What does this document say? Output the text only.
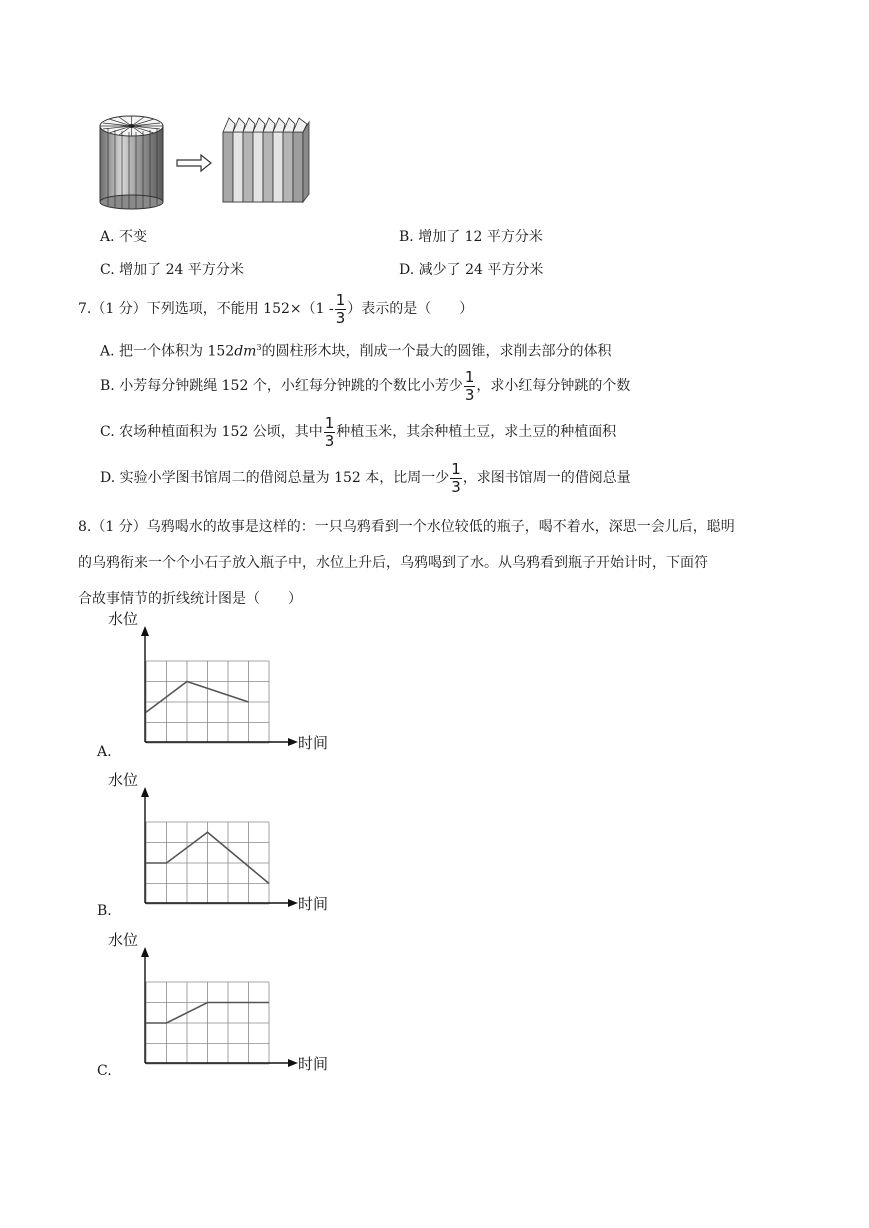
A. 不变	B. 增加了 12 平方分米
C. 增加了 24 平方分米	D. 减少了 24 平方分米
7.（1 分）下列选项，不能用 $152\times(1 - \frac{1}{3}$ ）表示的是（　　）
A. 把一个体积为 $152dm^3$的圆柱形木块，削成一个最大的圆锥，求削去部分的体积
B. 小芳每分钟跳绳 152 个，小红每分钟跳的个数比小芳少 $\frac{1}{3}$ ，求小红每分钟跳的个数
C. 农场种植面积为 152 公顷，其中 $\frac{1}{3}$ 种植玉米，其余种植土豆，求土豆的种植面积
D. 实验小学图书馆周二的借阅总量为 152 本，比周一少 $\frac{1}{3}$ ，求图书馆周一的借阅总量
8.（1 分）乌鸦喝水的故事是这样的：一只乌鸦看到一个水位较低的瓶子，喝不着水，深思一会儿后，聪明
的乌鸦衔来一个个小石子放入瓶子中，水位上升后，乌鸦喝到了水。从乌鸦看到瓶子开始计时，下面符
合故事情节的折线统计图是（　　）
水位
时间
A.
水位
时间
B.
水位
时间
C.
